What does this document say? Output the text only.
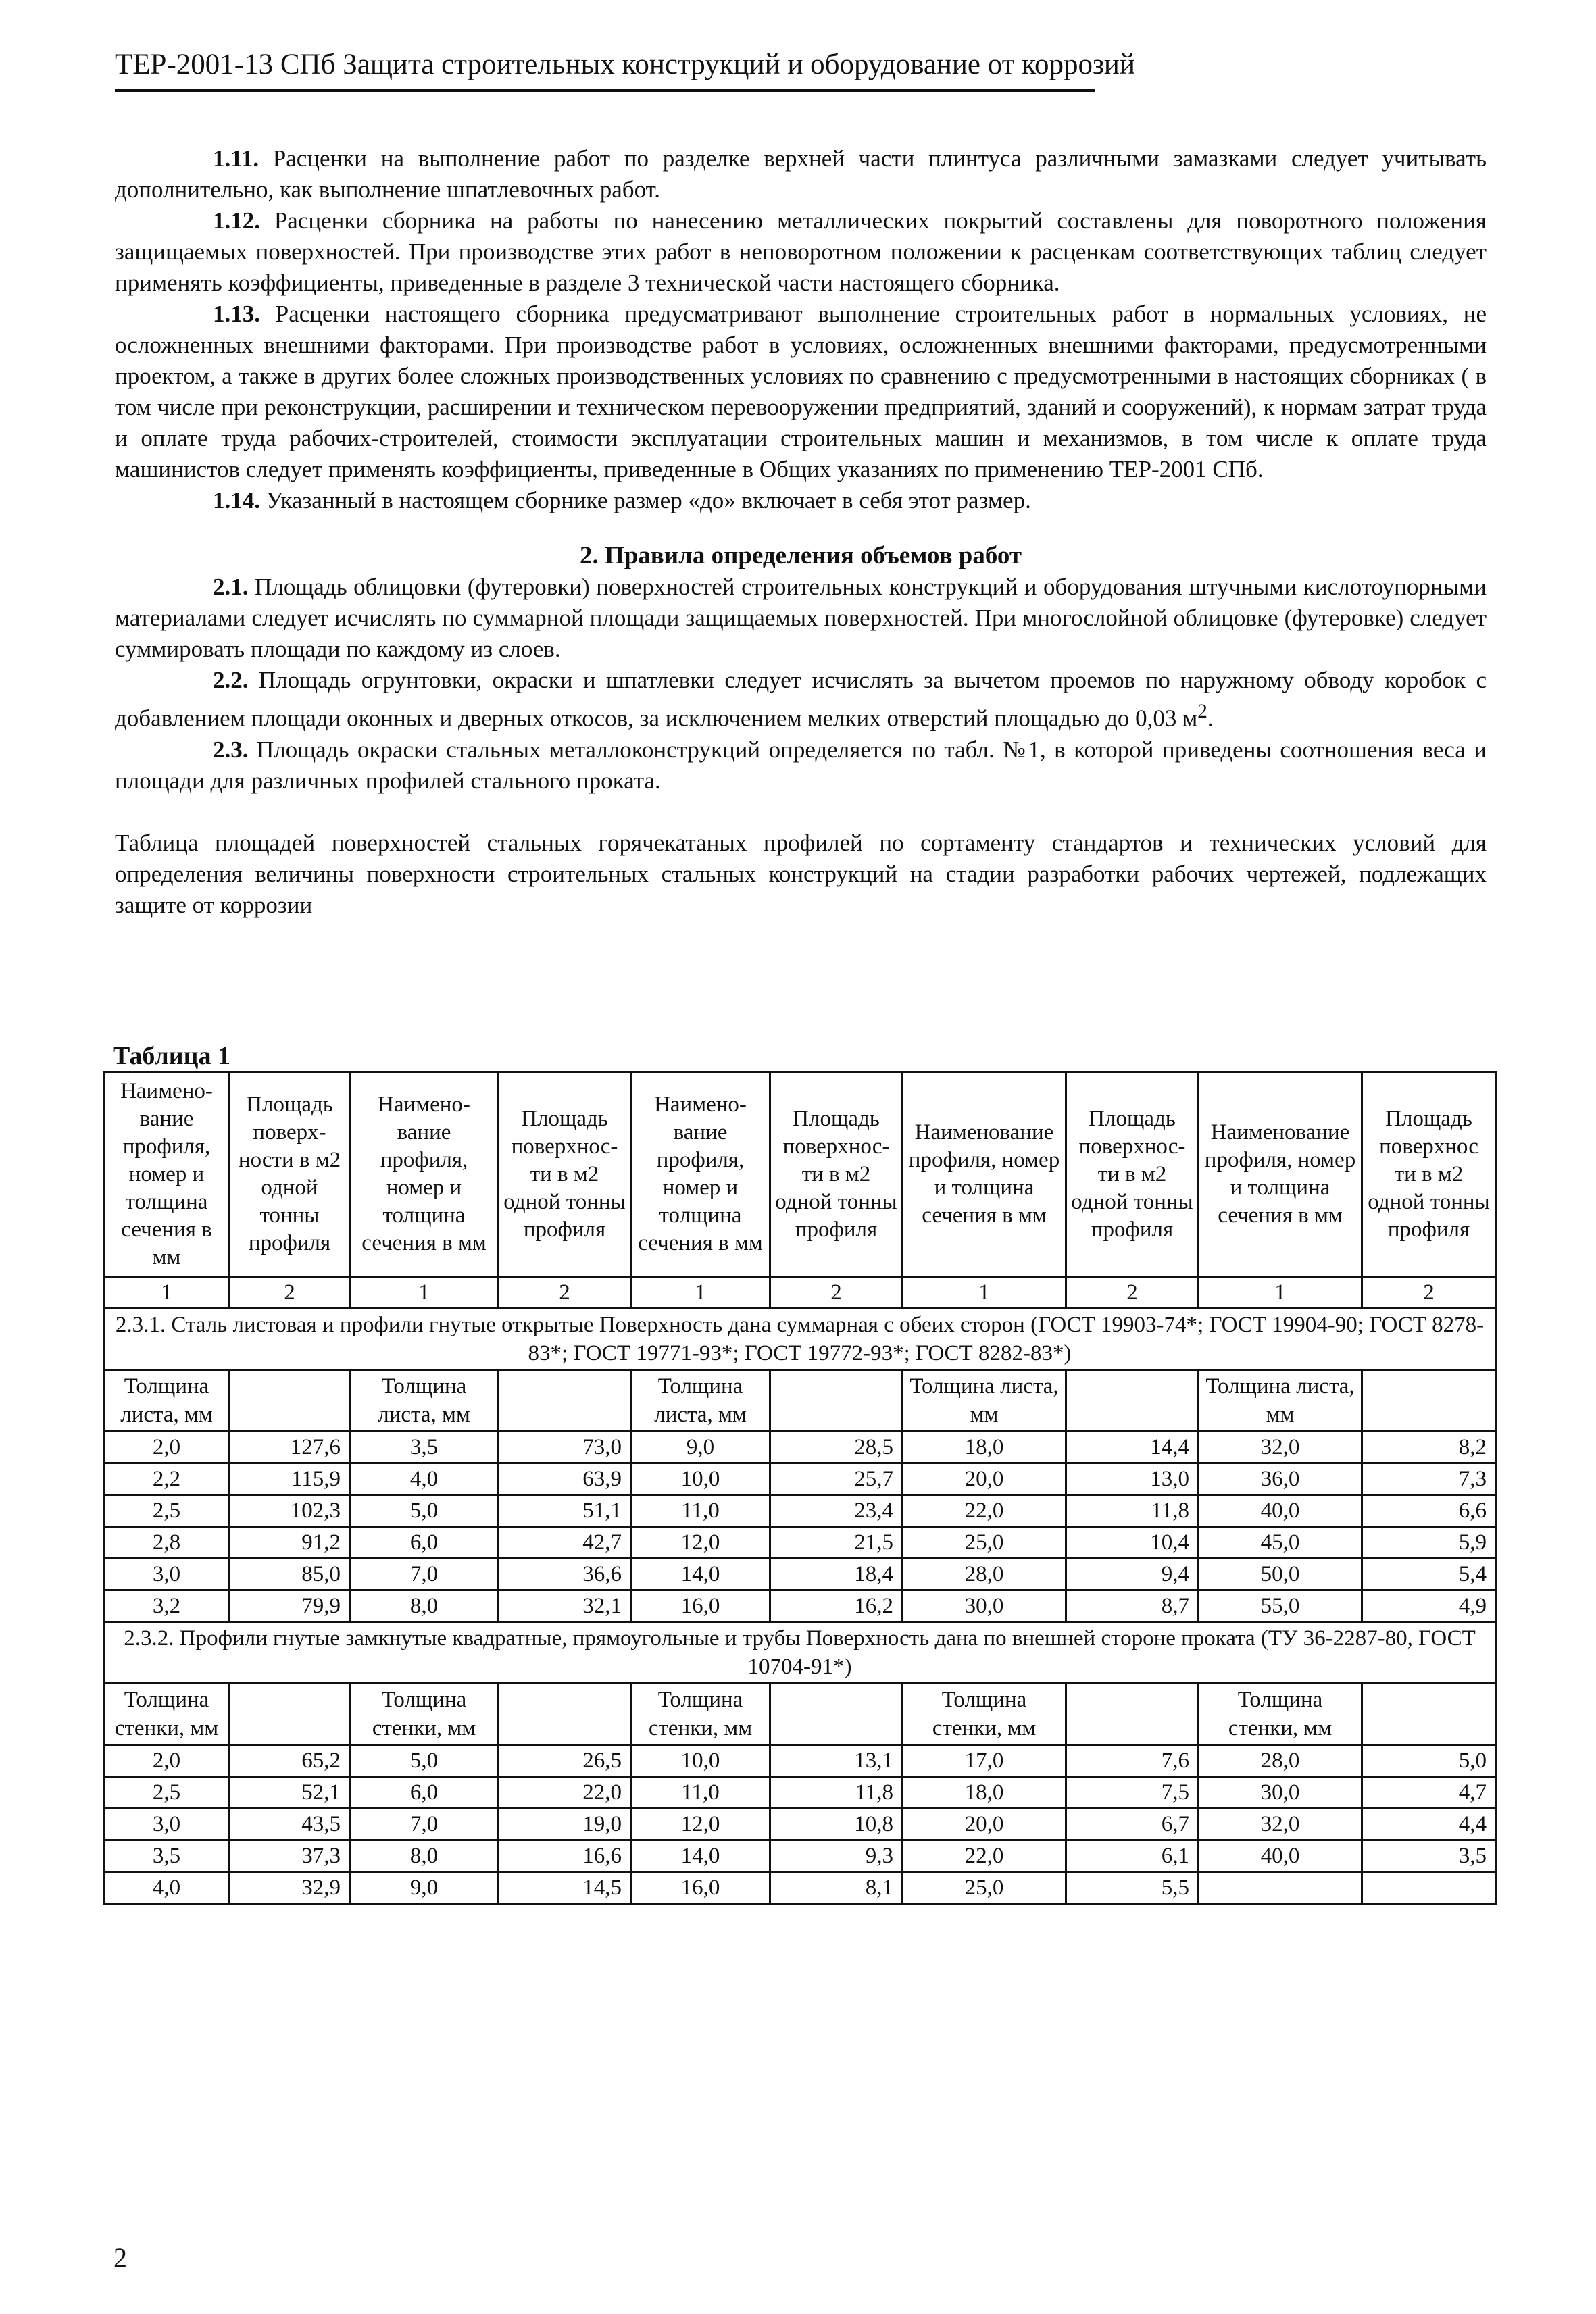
ТЕР-2001-13 СПб Защита строительных конструкций и оборудование от коррозий

1.11. Расценки на выполнение работ по разделке верхней части плинтуса различными замазками следует учитывать дополнительно, как выполнение шпатлевочных работ.

1.12. Расценки сборника на работы по нанесению металлических покрытий составлены для поворотного положения защищаемых поверхностей. При производстве этих работ в неповоротном положении к расценкам соответствующих таблиц следует применять коэффициенты, приведенные в разделе 3 технической части настоящего сборника.

1.13. Расценки настоящего сборника предусматривают выполнение строительных работ в нормальных условиях, не осложненных внешними факторами. При производстве работ в условиях, осложненных внешними факторами, предусмотренными проектом, а также в других более сложных производственных условиях по сравнению с предусмотренными в настоящих сборниках ( в том числе при реконструкции, расширении и техническом перевооружении предприятий, зданий и сооружений), к нормам затрат труда и оплате труда рабочих-строителей, стоимости эксплуатации строительных машин и механизмов, в том числе к оплате труда машинистов следует применять коэффициенты, приведенные в Общих указаниях по применению ТЕР-2001 СПб.

1.14. Указанный в настоящем сборнике размер «до» включает в себя этот размер.

2. Правила определения объемов работ

2.1. Площадь облицовки (футеровки) поверхностей строительных конструкций и оборудования штучными кислотоупорными материалами следует исчислять по суммарной площади защищаемых поверхностей. При многослойной облицовке (футеровке) следует суммировать площади по каждому из слоев.

2.2. Площадь огрунтовки, окраски и шпатлевки следует исчислять за вычетом проемов по наружному обводу коробок с добавлением площади оконных и дверных откосов, за исключением мелких отверстий площадью до 0,03 $м^2$.

2.3. Площадь окраски стальных металлоконструкций определяется по табл. №1, в которой приведены соотношения веса и площади для различных профилей стального проката.

Таблица площадей поверхностей стальных горячекатаных профилей по сортаменту стандартов и технических условий для определения величины поверхности строительных стальных конструкций на стадии разработки рабочих чертежей, подлежащих защите от коррозии

Таблица 1
Наимено-вание профиля, номер и толщина сечения в мм	Площадь поверх-ности в м2 одной тонны профиля	Наимено-вание профиля, номер и толщина сечения в мм	Площадь поверхнос-ти в м2 одной тонны профиля	Наимено-вание профиля, номер и толщина сечения в мм	Площадь поверхнос-ти в м2 одной тонны профиля	Наименование профиля, номер и толщина сечения в мм	Площадь поверхнос-ти в м2 одной тонны профиля	Наименование профиля, номер и толщина сечения в мм	Площадь поверхнос ти в м2 одной тонны профиля
1	2	1	2	1	2	1	2	1	2
2.3.1. Сталь листовая и профили гнутые открытые Поверхность дана суммарная с обеих сторон (ГОСТ 19903-74*; ГОСТ 19904-90; ГОСТ 8278-83*; ГОСТ 19771-93*; ГОСТ 19772-93*; ГОСТ 8282-83*)									
Толщина листа, мм		Толщина листа, мм		Толщина листа, мм		Толщина листа, мм		Толщина листа, мм	
2,0	127,6	3,5	73,0	9,0	28,5	18,0	14,4	32,0	8,2
2,2	115,9	4,0	63,9	10,0	25,7	20,0	13,0	36,0	7,3
2,5	102,3	5,0	51,1	11,0	23,4	22,0	11,8	40,0	6,6
2,8	91,2	6,0	42,7	12,0	21,5	25,0	10,4	45,0	5,9
3,0	85,0	7,0	36,6	14,0	18,4	28,0	9,4	50,0	5,4
3,2	79,9	8,0	32,1	16,0	16,2	30,0	8,7	55,0	4,9
2.3.2. Профили гнутые замкнутые квадратные, прямоугольные и трубы Поверхность дана по внешней стороне проката (ТУ 36-2287-80, ГОСТ 10704-91*)									
Толщина стенки, мм		Толщина стенки, мм		Толщина стенки, мм		Толщина стенки, мм		Толщина стенки, мм	
2,0	65,2	5,0	26,5	10,0	13,1	17,0	7,6	28,0	5,0
2,5	52,1	6,0	22,0	11,0	11,8	18,0	7,5	30,0	4,7
3,0	43,5	7,0	19,0	12,0	10,8	20,0	6,7	32,0	4,4
3,5	37,3	8,0	16,6	14,0	9,3	22,0	6,1	40,0	3,5
4,0	32,9	9,0	14,5	16,0	8,1	25,0	5,5		
2
